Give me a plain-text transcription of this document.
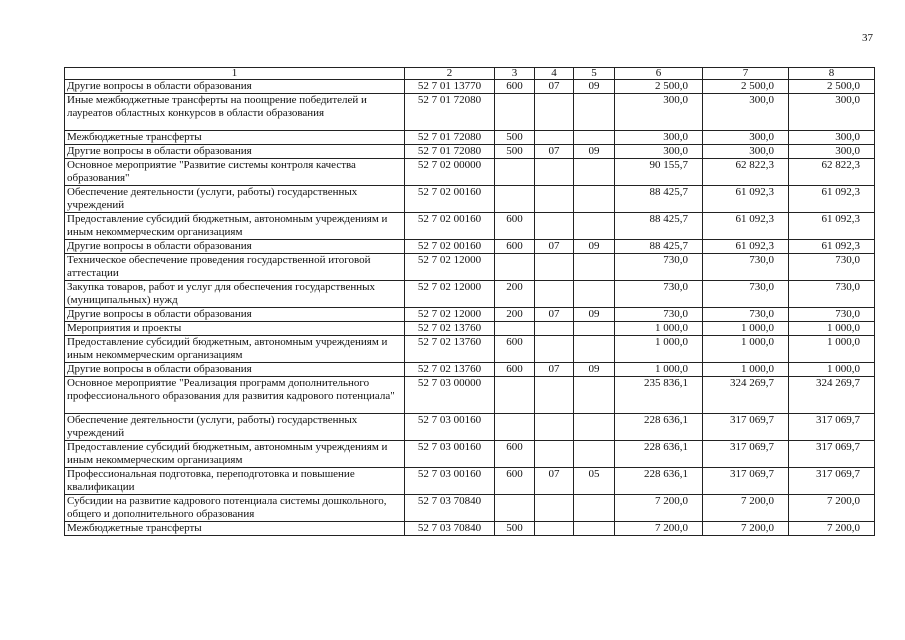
37
1	2	3	4	5	6	7	8
Другие вопросы в области образования	52 7 01 13770	600	07	09	2 500,0	2 500,0	2 500,0
Иные межбюджетные трансферты на поощрение победителей и лауреатов областных конкурсов в области образования	52 7 01 72080				300,0	300,0	300,0
Межбюджетные трансферты	52 7 01 72080	500			300,0	300,0	300,0
Другие вопросы в области образования	52 7 01 72080	500	07	09	300,0	300,0	300,0
Основное мероприятие "Развитие системы контроля качества образования"	52 7 02 00000				90 155,7	62 822,3	62 822,3
Обеспечение деятельности (услуги, работы) государственных учреждений	52 7 02 00160				88 425,7	61 092,3	61 092,3
Предоставление субсидий бюджетным, автономным учреждениям и иным некоммерческим организациям	52 7 02 00160	600			88 425,7	61 092,3	61 092,3
Другие вопросы в области образования	52 7 02 00160	600	07	09	88 425,7	61 092,3	61 092,3
Техническое обеспечение проведения государственной итоговой аттестации	52 7 02 12000				730,0	730,0	730,0
Закупка товаров, работ и услуг для обеспечения государственных (муниципальных) нужд	52 7 02 12000	200			730,0	730,0	730,0
Другие вопросы в области образования	52 7 02 12000	200	07	09	730,0	730,0	730,0
Мероприятия и проекты	52 7 02 13760				1 000,0	1 000,0	1 000,0
Предоставление субсидий бюджетным, автономным учреждениям и иным некоммерческим организациям	52 7 02 13760	600			1 000,0	1 000,0	1 000,0
Другие вопросы в области образования	52 7 02 13760	600	07	09	1 000,0	1 000,0	1 000,0
Основное мероприятие "Реализация программ дополнительного профессионального образования для развития кадрового потенциала"	52 7 03 00000				235 836,1	324 269,7	324 269,7
Обеспечение деятельности (услуги, работы) государственных учреждений	52 7 03 00160				228 636,1	317 069,7	317 069,7
Предоставление субсидий бюджетным, автономным учреждениям и иным некоммерческим организациям	52 7 03 00160	600			228 636,1	317 069,7	317 069,7
Профессиональная подготовка, переподготовка и повышение квалификации	52 7 03 00160	600	07	05	228 636,1	317 069,7	317 069,7
Субсидии на развитие кадрового потенциала системы дошкольного, общего и дополнительного образования	52 7 03 70840				7 200,0	7 200,0	7 200,0
Межбюджетные трансферты	52 7 03 70840	500			7 200,0	7 200,0	7 200,0
